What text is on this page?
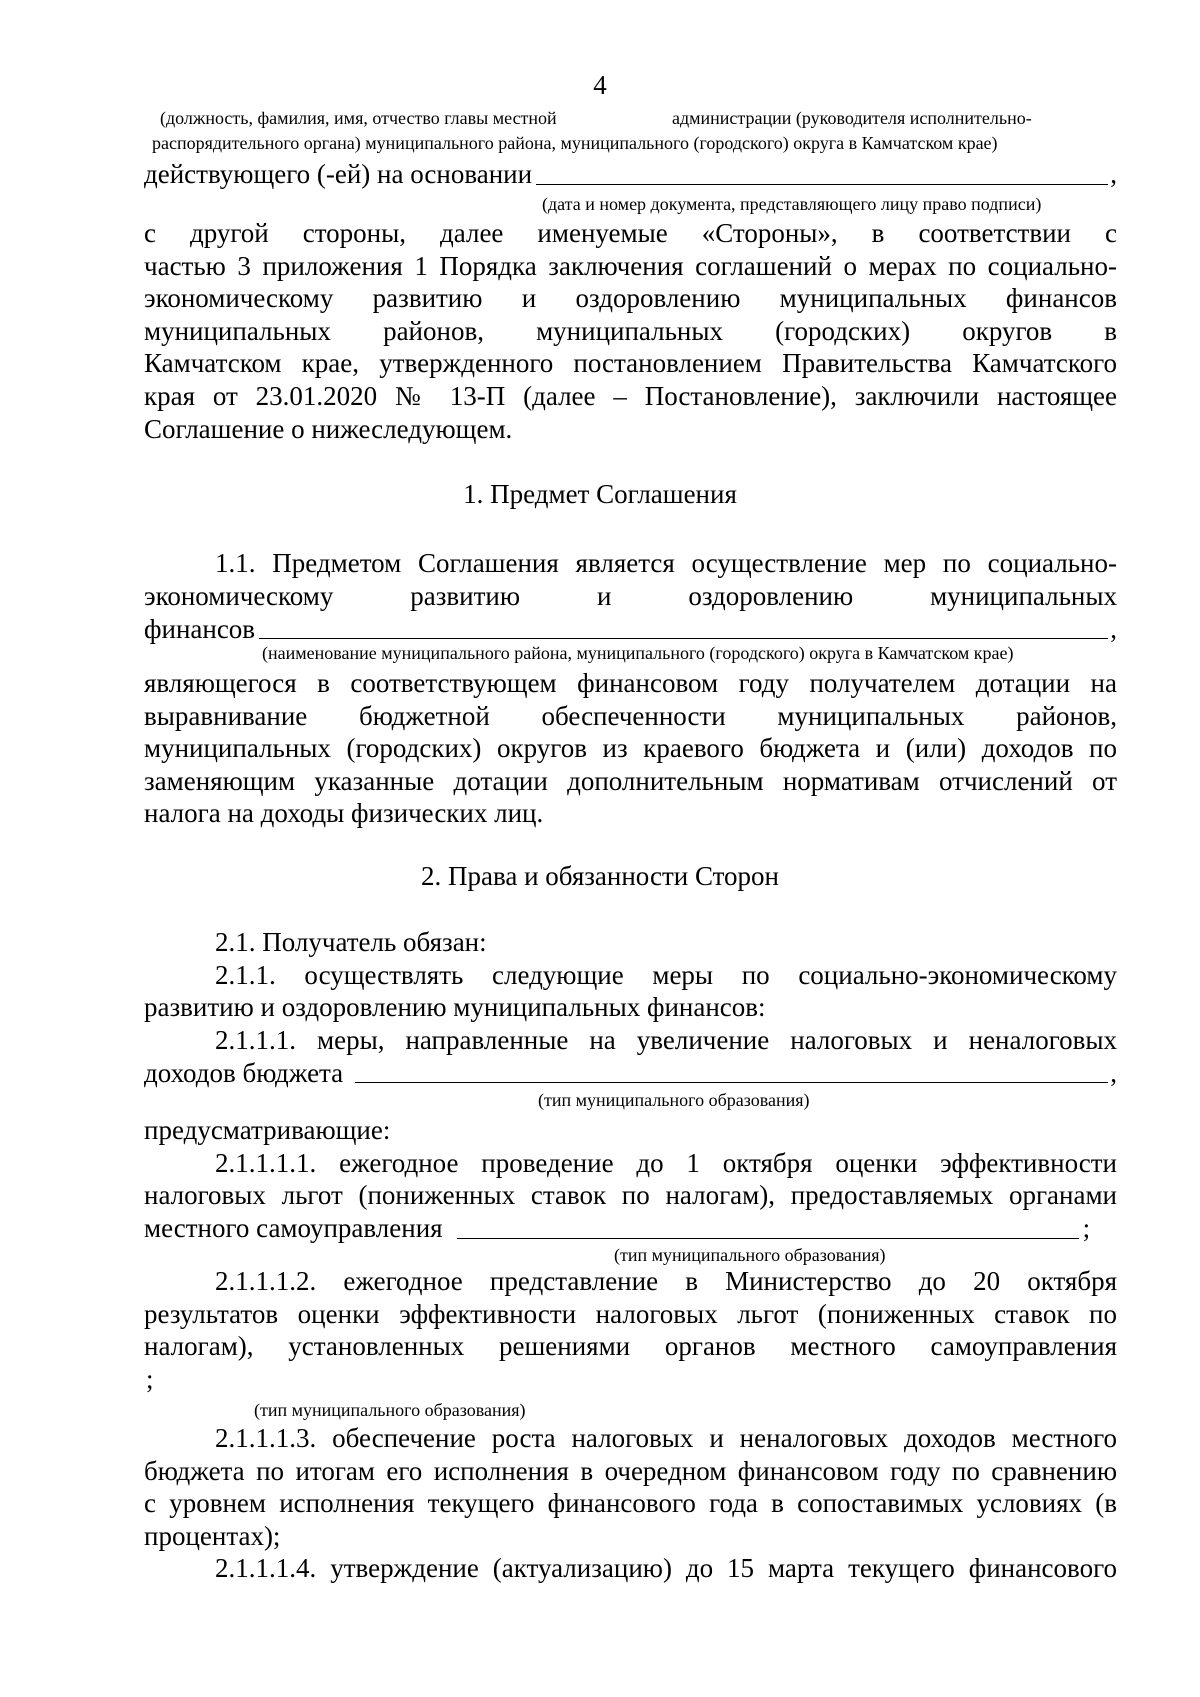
4
(должность, фамилия, имя, отчество главы местной	администрации (руководителя исполнительно-
распорядительного органа) муниципального района, муниципального (городского) округа в Камчатском крае)
действующего (-ей) на основании	,
(дата и номер документа, представляющего лицу право подписи)

с другой стороны, далее именуемые «Стороны», в соответствии с

частью 3 приложения 1 Порядка заключения соглашений о мерах по социально-

экономическому развитию и оздоровлению муниципальных финансов

муниципальных районов, муниципальных (городских) округов в

Камчатском крае, утвержденного постановлением Правительства Камчатского

края от 23.01.2020 № 13-П (далее – Постановление), заключили настоящее

Соглашение о нижеследующем.

1. Предмет Соглашения

1.1. Предметом Соглашения является осуществление мер по социально-

экономическому развитию и оздоровлению муниципальных

финансов	,
(наименование муниципального района, муниципального (городского) округа в Камчатском крае)

являющегося в соответствующем финансовом году получателем дотации на

выравнивание бюджетной обеспеченности муниципальных районов,

муниципальных (городских) округов из краевого бюджета и (или) доходов по

заменяющим указанные дотации дополнительным нормативам отчислений от

налога на доходы физических лиц.

2. Права и обязанности Сторон

2.1. Получатель обязан:

2.1.1. осуществлять следующие меры по социально-экономическому

развитию и оздоровлению муниципальных финансов:

2.1.1.1. меры, направленные на увеличение налоговых и неналоговых

доходов бюджета	,
(тип муниципального образования)

предусматривающие:

2.1.1.1.1. ежегодное проведение до 1 октября оценки эффективности

налоговых льгот (пониженных ставок по налогам), предоставляемых органами

местного самоуправления	;
(тип муниципального образования)

2.1.1.1.2. ежегодное представление в Министерство до 20 октября

результатов оценки эффективности налоговых льгот (пониженных ставок по

налогам), установленных решениями органов местного самоуправления

;
(тип муниципального образования)

2.1.1.1.3. обеспечение роста налоговых и неналоговых доходов местного

бюджета по итогам его исполнения в очередном финансовом году по сравнению

с уровнем исполнения текущего финансового года в сопоставимых условиях (в

процентах);

2.1.1.1.4. утверждение (актуализацию) до 15 марта текущего финансового
